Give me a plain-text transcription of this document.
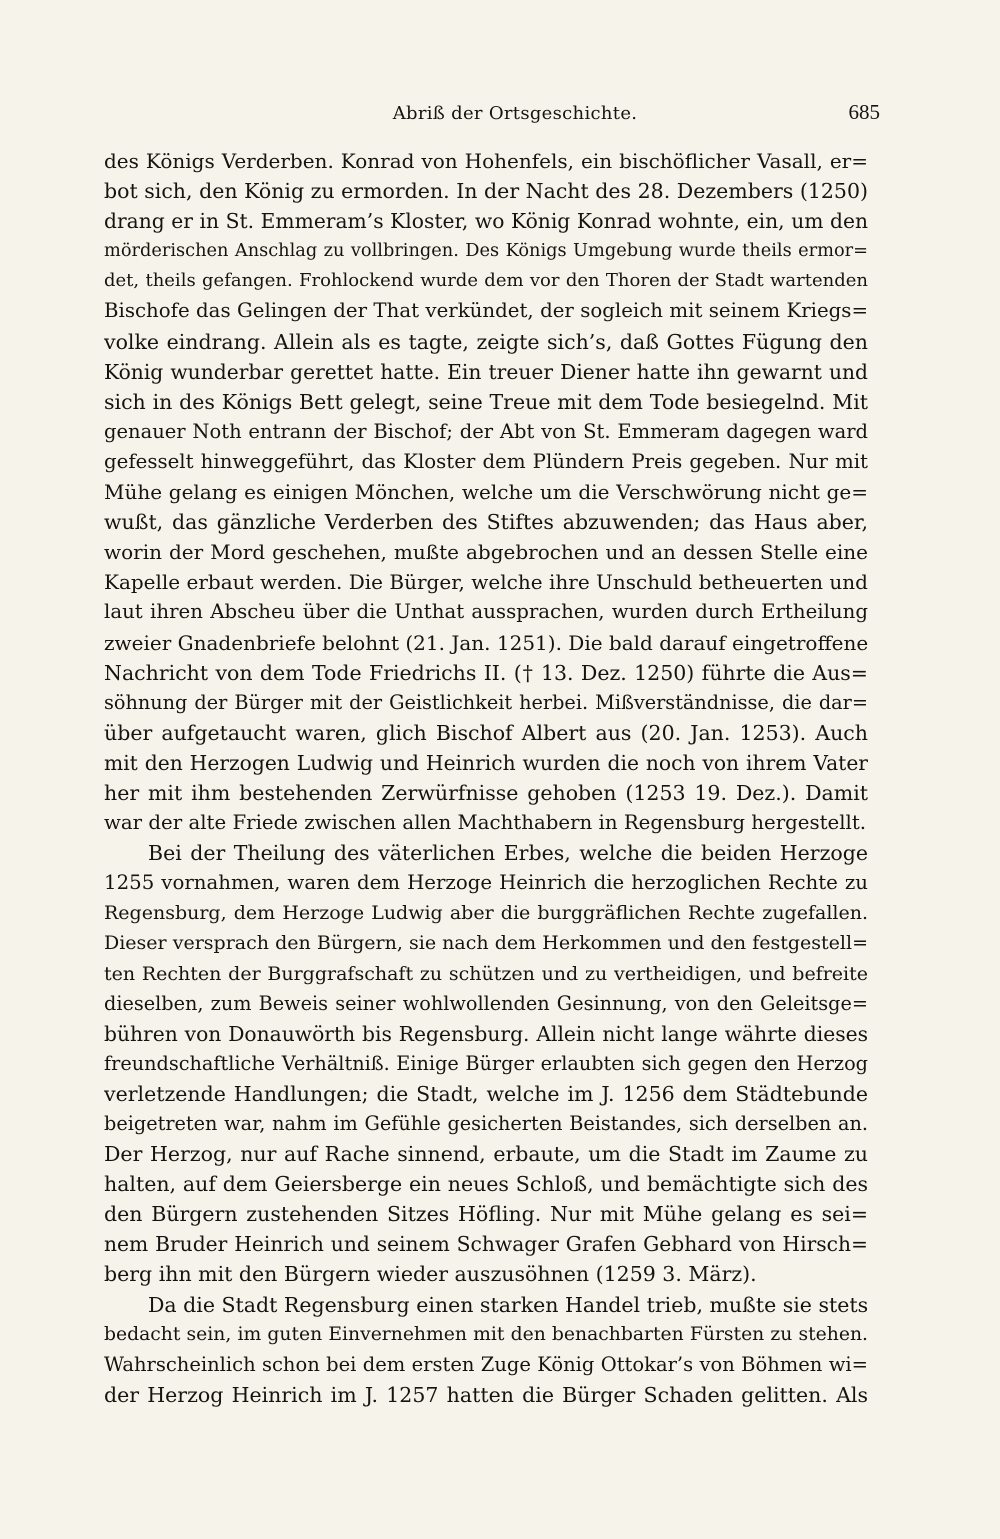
Abriß der Ortsgeschichte.	685
des Königs Verderben. Konrad von Hohenfels, ein bischöflicher Vasall, er=
bot sich, den König zu ermorden. In der Nacht des 28. Dezembers (1250)
drang er in St. Emmeram’s Kloster, wo König Konrad wohnte, ein, um den
mörderischen Anschlag zu vollbringen. Des Königs Umgebung wurde theils ermor=
det, theils gefangen. Frohlockend wurde dem vor den Thoren der Stadt wartenden
Bischofe das Gelingen der That verkündet, der sogleich mit seinem Kriegs=
volke eindrang. Allein als es tagte, zeigte sich’s, daß Gottes Fügung den
König wunderbar gerettet hatte. Ein treuer Diener hatte ihn gewarnt und
sich in des Königs Bett gelegt, seine Treue mit dem Tode besiegelnd. Mit
genauer Noth entrann der Bischof; der Abt von St. Emmeram dagegen ward
gefesselt hinweggeführt, das Kloster dem Plündern Preis gegeben. Nur mit
Mühe gelang es einigen Mönchen, welche um die Verschwörung nicht ge=
wußt, das gänzliche Verderben des Stiftes abzuwenden; das Haus aber,
worin der Mord geschehen, mußte abgebrochen und an dessen Stelle eine
Kapelle erbaut werden. Die Bürger, welche ihre Unschuld betheuerten und
laut ihren Abscheu über die Unthat aussprachen, wurden durch Ertheilung
zweier Gnadenbriefe belohnt (21. Jan. 1251). Die bald darauf eingetroffene
Nachricht von dem Tode Friedrichs II. († 13. Dez. 1250) führte die Aus=
söhnung der Bürger mit der Geistlichkeit herbei. Mißverständnisse, die dar=
über aufgetaucht waren, glich Bischof Albert aus (20. Jan. 1253). Auch
mit den Herzogen Ludwig und Heinrich wurden die noch von ihrem Vater
her mit ihm bestehenden Zerwürfnisse gehoben (1253 19. Dez.). Damit
war der alte Friede zwischen allen Machthabern in Regensburg hergestellt.
Bei der Theilung des väterlichen Erbes, welche die beiden Herzoge
1255 vornahmen, waren dem Herzoge Heinrich die herzoglichen Rechte zu
Regensburg, dem Herzoge Ludwig aber die burggräflichen Rechte zugefallen.
Dieser versprach den Bürgern, sie nach dem Herkommen und den festgestell=
ten Rechten der Burggrafschaft zu schützen und zu vertheidigen, und befreite
dieselben, zum Beweis seiner wohlwollenden Gesinnung, von den Geleitsge=
bühren von Donauwörth bis Regensburg. Allein nicht lange währte dieses
freundschaftliche Verhältniß. Einige Bürger erlaubten sich gegen den Herzog
verletzende Handlungen; die Stadt, welche im J. 1256 dem Städtebunde
beigetreten war, nahm im Gefühle gesicherten Beistandes, sich derselben an.
Der Herzog, nur auf Rache sinnend, erbaute, um die Stadt im Zaume zu
halten, auf dem Geiersberge ein neues Schloß, und bemächtigte sich des
den Bürgern zustehenden Sitzes Höfling. Nur mit Mühe gelang es sei=
nem Bruder Heinrich und seinem Schwager Grafen Gebhard von Hirsch=
berg ihn mit den Bürgern wieder auszusöhnen (1259 3. März).
Da die Stadt Regensburg einen starken Handel trieb, mußte sie stets
bedacht sein, im guten Einvernehmen mit den benachbarten Fürsten zu stehen.
Wahrscheinlich schon bei dem ersten Zuge König Ottokar’s von Böhmen wi=
der Herzog Heinrich im J. 1257 hatten die Bürger Schaden gelitten. Als
